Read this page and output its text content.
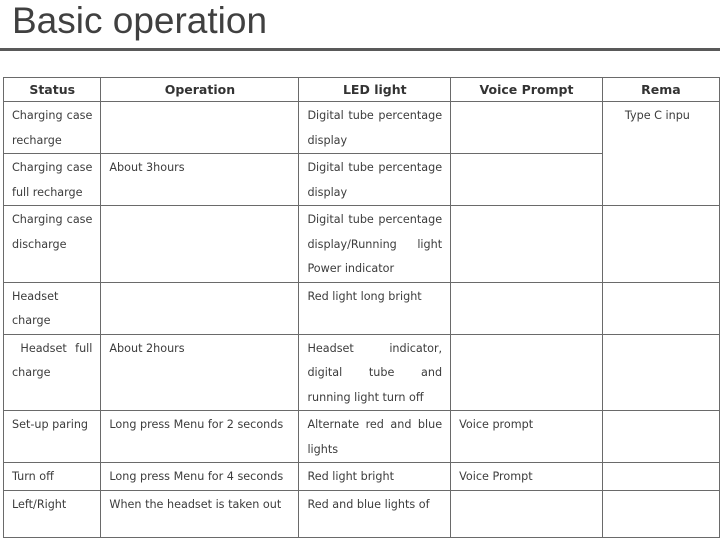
Basic operation
Status	Operation	LED light	Voice Prompt	Rema
Charging case recharge		Digital tube percentage display		Type C inpu
Charging case full recharge	About 3hours	Digital tube percentage display		
Charging case discharge		Digital tube percentage display/Running light Power indicator		
Headset charge		Red light long bright		
Headset full charge	About 2hours	Headset indicator, digital tube and running light turn off		
Set-up paring	Long press Menu for 2 seconds	Alternate red and blue lights	Voice prompt	
Turn off	Long press Menu for 4 seconds	Red light bright	Voice Prompt	
Left/Right	When the headset is taken out	Red and blue lights of		
